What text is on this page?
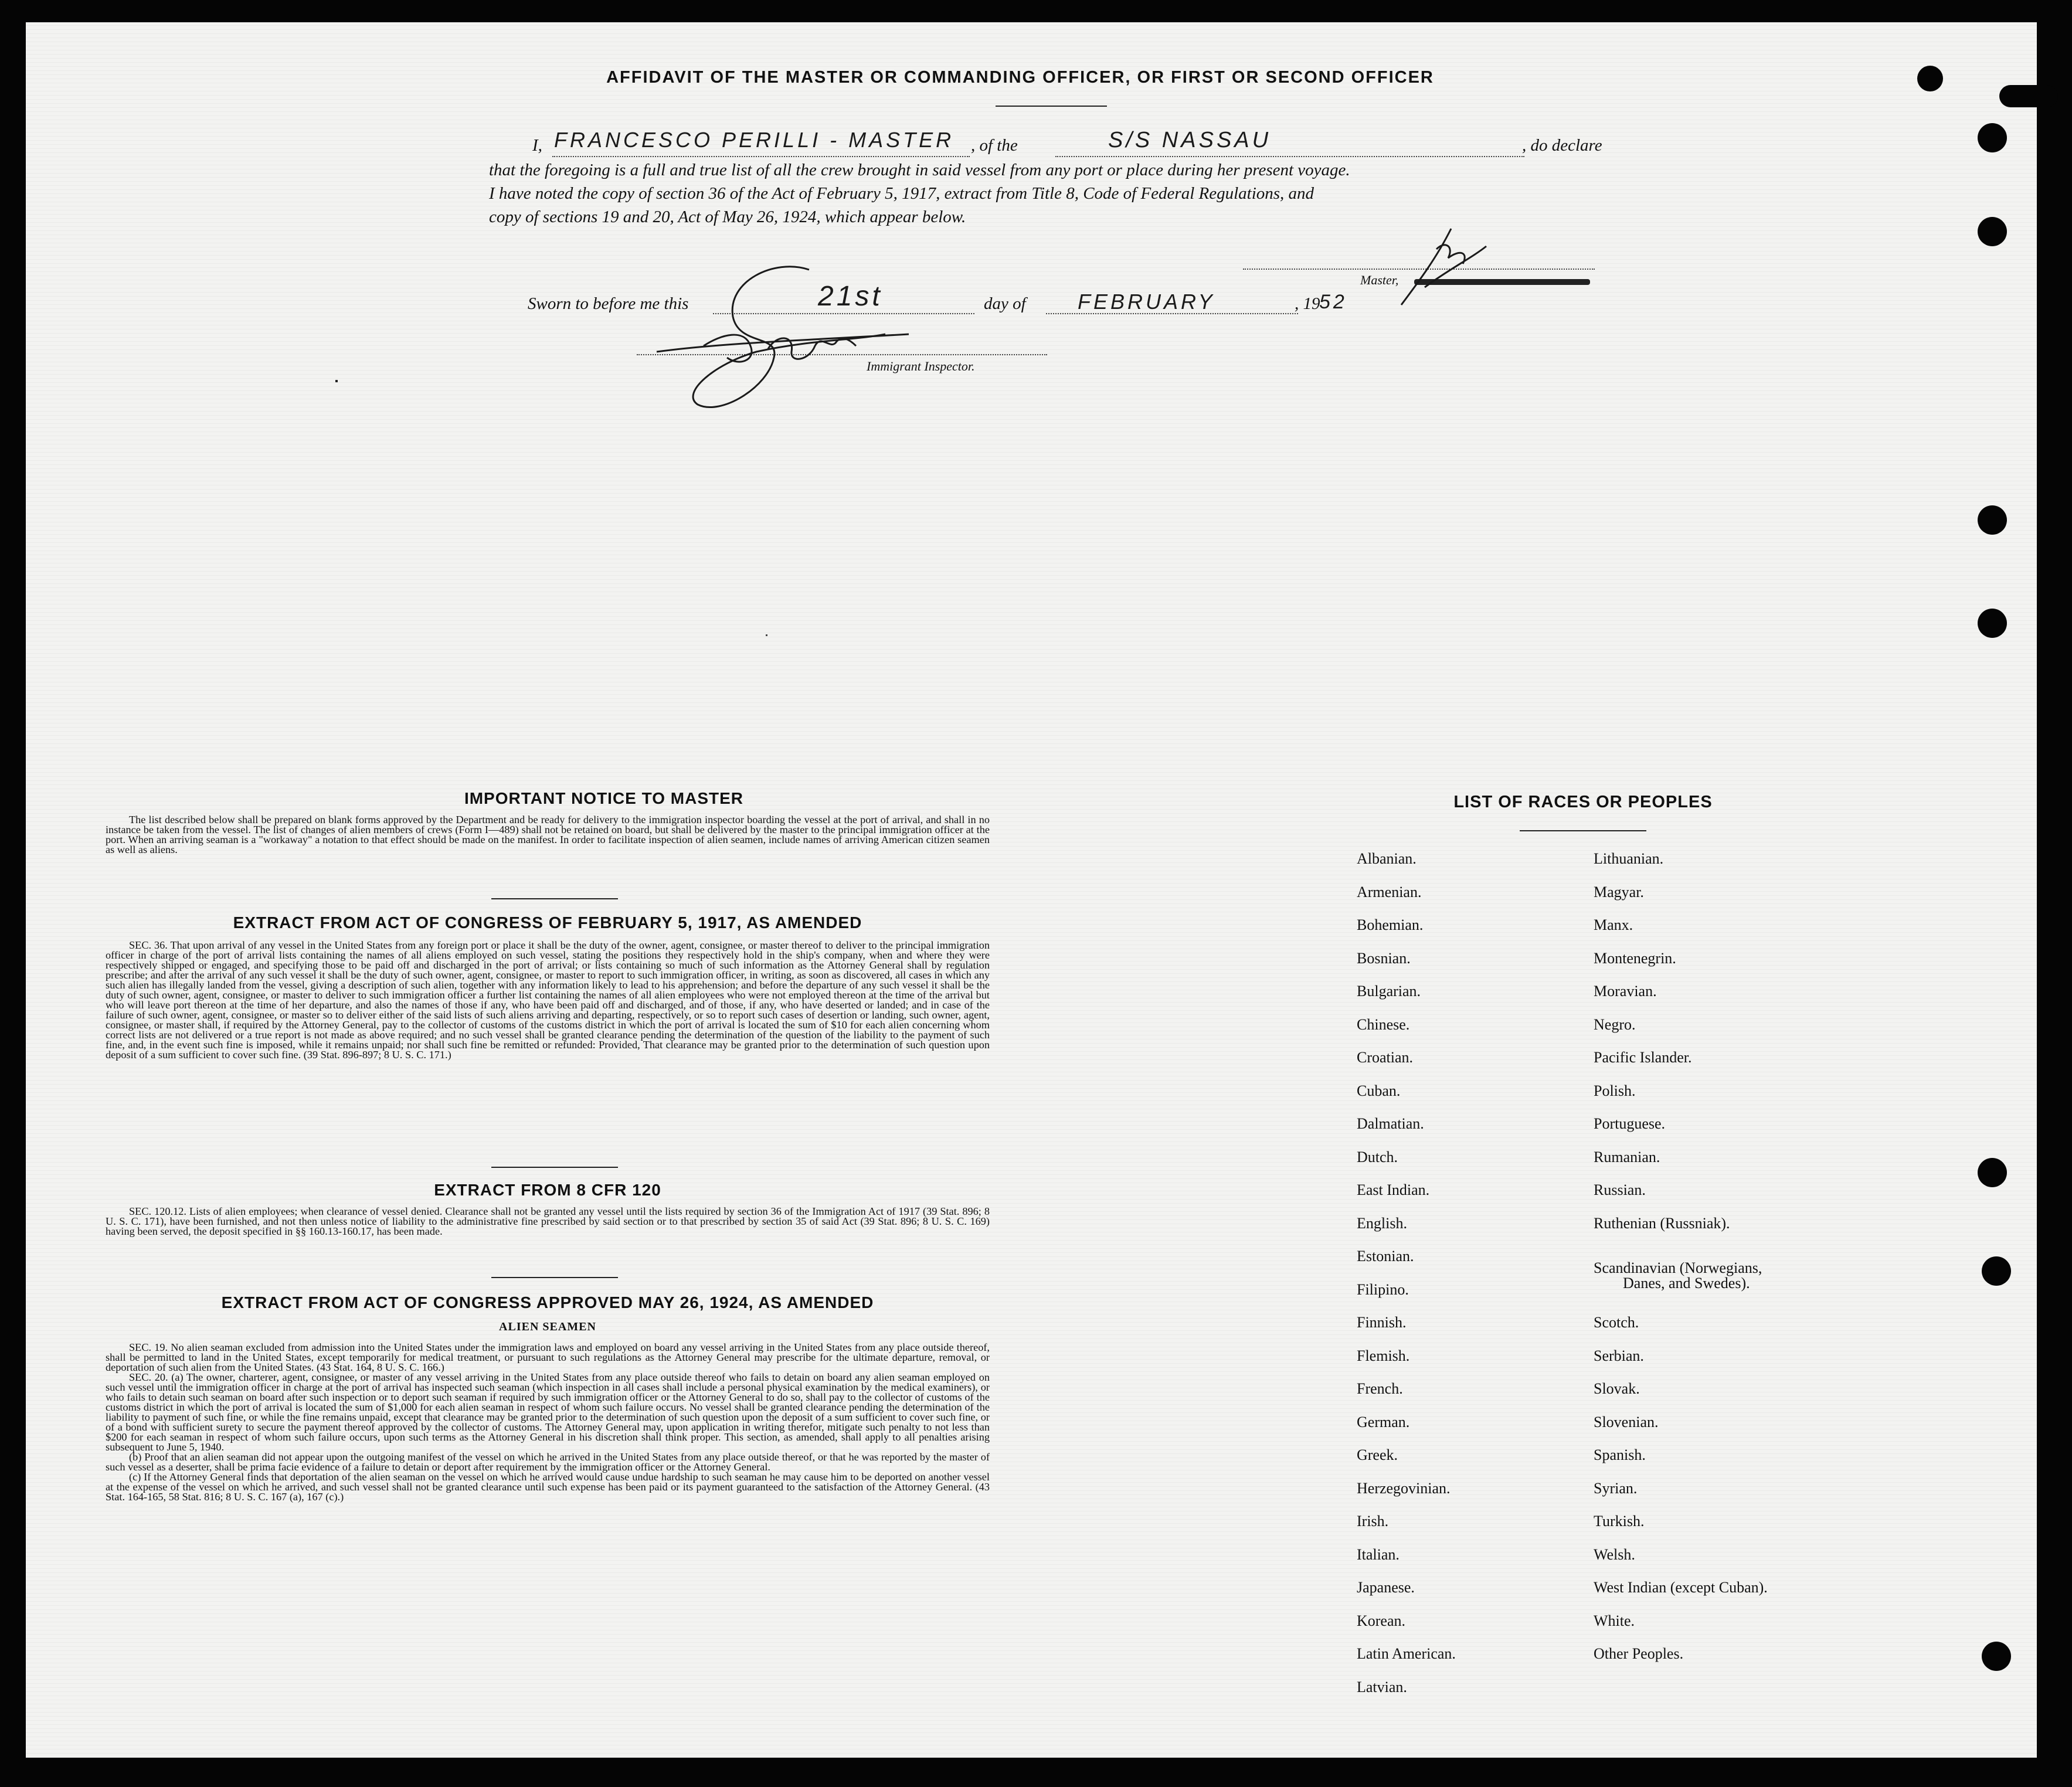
AFFIDAVIT OF THE MASTER OR COMMANDING OFFICER, OR FIRST OR SECOND OFFICER
I, FRANCESCO PERILLI - MASTER , of the	S/S NASSAU	, do declare
that the foregoing is a full and true list of all the crew brought in said vessel from any port or place during her present voyage.
I have noted the copy of section 36 of the Act of February 5, 1917, extract from Title 8, Code of Federal Regulations, and
copy of sections 19 and 20, Act of May 26, 1924, which appear below.
Master,
Sworn to before me this	21st	day of FEBRUARY	, 19
52
Immigrant Inspector.
IMPORTANT NOTICE TO MASTER

The list described below shall be prepared on blank forms approved by the Department and be ready for delivery to the immigration inspector boarding the vessel at the port of arrival, and shall in no instance be taken from the vessel. The list of changes of alien members of crews (Form I—489) shall not be retained on board, but shall be delivered by the master to the principal immigration officer at the port. When an arriving seaman is a "workaway" a notation to that effect should be made on the manifest. In order to facilitate inspection of alien seamen, include names of arriving American citizen seamen as well as aliens.

EXTRACT FROM ACT OF CONGRESS OF FEBRUARY 5, 1917, AS AMENDED

SEC. 36. That upon arrival of any vessel in the United States from any foreign port or place it shall be the duty of the owner, agent, consignee, or master thereof to deliver to the principal immigration officer in charge of the port of arrival lists containing the names of all aliens employed on such vessel, stating the positions they respectively hold in the ship's company, when and where they were respectively shipped or engaged, and specifying those to be paid off and discharged in the port of arrival; or lists containing so much of such information as the Attorney General shall by regulation prescribe; and after the arrival of any such vessel it shall be the duty of such owner, agent, consignee, or master to report to such immigration officer, in writing, as soon as discovered, all cases in which any such alien has illegally landed from the vessel, giving a description of such alien, together with any information likely to lead to his apprehension; and before the departure of any such vessel it shall be the duty of such owner, agent, consignee, or master to deliver to such immigration officer a further list containing the names of all alien employees who were not employed thereon at the time of the arrival but who will leave port thereon at the time of her departure, and also the names of those if any, who have been paid off and discharged, and of those, if any, who have deserted or landed; and in case of the failure of such owner, agent, consignee, or master so to deliver either of the said lists of such aliens arriving and departing, respectively, or so to report such cases of desertion or landing, such owner, agent, consignee, or master shall, if required by the Attorney General, pay to the collector of customs of the customs district in which the port of arrival is located the sum of $10 for each alien concerning whom correct lists are not delivered or a true report is not made as above required; and no such vessel shall be granted clearance pending the determination of the question of the liability to the payment of such fine, and, in the event such fine is imposed, while it remains unpaid; nor shall such fine be remitted or refunded: Provided, That clearance may be granted prior to the determination of such question upon deposit of a sum sufficient to cover such fine. (39 Stat. 896-897; 8 U. S. C. 171.)

EXTRACT FROM 8 CFR 120

SEC. 120.12. Lists of alien employees; when clearance of vessel denied. Clearance shall not be granted any vessel until the lists required by section 36 of the Immigration Act of 1917 (39 Stat. 896; 8 U. S. C. 171), have been furnished, and not then unless notice of liability to the administrative fine prescribed by said section or to that prescribed by section 35 of said Act (39 Stat. 896; 8 U. S. C. 169) having been served, the deposit specified in §§ 160.13-160.17, has been made.

EXTRACT FROM ACT OF CONGRESS APPROVED MAY 26, 1924, AS AMENDED
ALIEN SEAMEN

SEC. 19. No alien seaman excluded from admission into the United States under the immigration laws and employed on board any vessel arriving in the United States from any place outside thereof, shall be permitted to land in the United States, except temporarily for medical treatment, or pursuant to such regulations as the Attorney General may prescribe for the ultimate departure, removal, or deportation of such alien from the United States. (43 Stat. 164, 8 U. S. C. 166.)

SEC. 20. (a) The owner, charterer, agent, consignee, or master of any vessel arriving in the United States from any place outside thereof who fails to detain on board any alien seaman employed on such vessel until the immigration officer in charge at the port of arrival has inspected such seaman (which inspection in all cases shall include a personal physical examination by the medical examiners), or who fails to detain such seaman on board after such inspection or to deport such seaman if required by such immigration officer or the Attorney General to do so, shall pay to the collector of customs of the customs district in which the port of arrival is located the sum of $1,000 for each alien seaman in respect of whom such failure occurs. No vessel shall be granted clearance pending the determination of the liability to payment of such fine, or while the fine remains unpaid, except that clearance may be granted prior to the determination of such question upon the deposit of a sum sufficient to cover such fine, or of a bond with sufficient surety to secure the payment thereof approved by the collector of customs. The Attorney General may, upon application in writing therefor, mitigate such penalty to not less than $200 for each seaman in respect of whom such failure occurs, upon such terms as the Attorney General in his discretion shall think proper. This section, as amended, shall apply to all penalties arising subsequent to June 5, 1940.

(b) Proof that an alien seaman did not appear upon the outgoing manifest of the vessel on which he arrived in the United States from any place outside thereof, or that he was reported by the master of such vessel as a deserter, shall be prima facie evidence of a failure to detain or deport after requirement by the immigration officer or the Attorney General.

(c) If the Attorney General finds that deportation of the alien seaman on the vessel on which he arrived would cause undue hardship to such seaman he may cause him to be deported on another vessel at the expense of the vessel on which he arrived, and such vessel shall not be granted clearance until such expense has been paid or its payment guaranteed to the satisfaction of the Attorney General. (43 Stat. 164-165, 58 Stat. 816; 8 U. S. C. 167 (a), 167 (c).)

LIST OF RACES OR PEOPLES
Albanian.
Armenian.
Bohemian.
Bosnian.
Bulgarian.
Chinese.
Croatian.
Cuban.
Dalmatian.
Dutch.
East Indian.
English.
Estonian.
Filipino.
Finnish.
Flemish.
French.
German.
Greek.
Herzegovinian.
Irish.
Italian.
Japanese.
Korean.
Latin American.
Latvian.
Lithuanian.
Magyar.
Manx.
Montenegrin.
Moravian.
Negro.
Pacific Islander.
Polish.
Portuguese.
Rumanian.
Russian.
Ruthenian (Russniak).
Scandinavian (Norwegians,
Danes, and Swedes).
Scotch.
Serbian.
Slovak.
Slovenian.
Spanish.
Syrian.
Turkish.
Welsh.
West Indian (except Cuban).
White.
Other Peoples.
